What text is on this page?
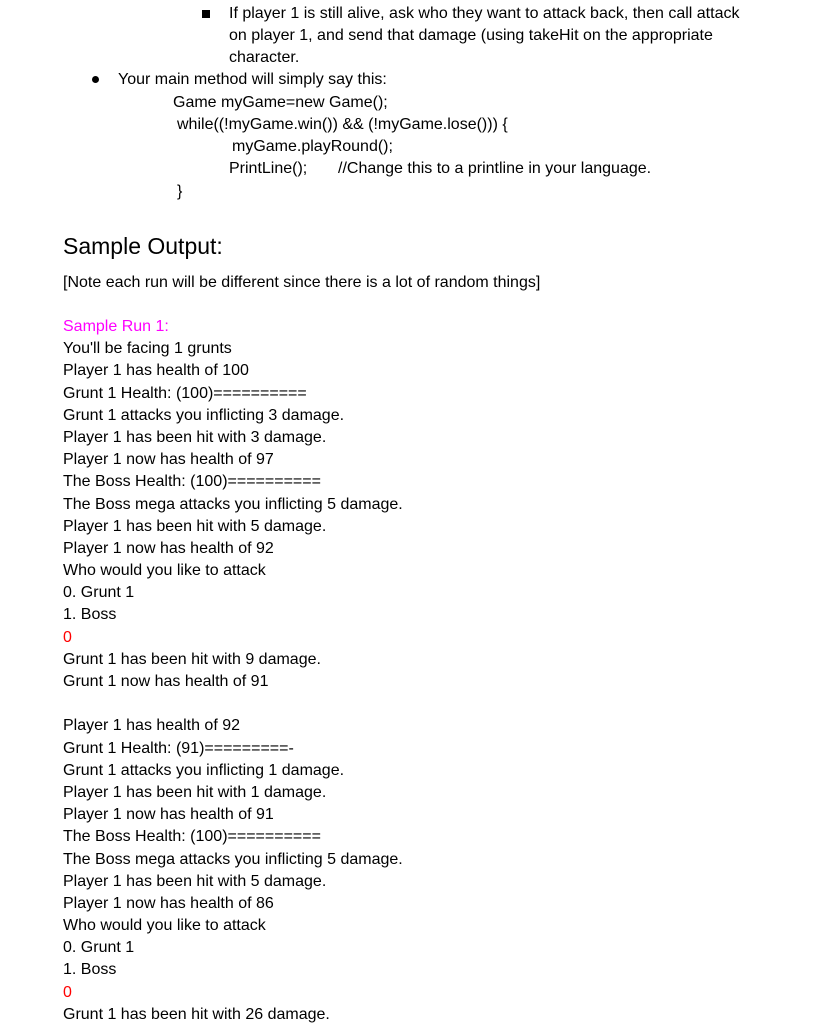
If player 1 is still alive, ask who they want to attack back, then call attack
on player 1, and send that damage (using takeHit on the appropriate
character.
Your main method will simply say this:
Game myGame=new Game();
while((!myGame.win()) && (!myGame.lose())) {
myGame.playRound();
PrintLine(); //Change this to a printline in your language.
}
Sample Output:
[Note each run will be different since there is a lot of random things]
Sample Run 1:
You'll be facing 1 grunts
Player 1 has health of 100
Grunt 1 Health: (100)==========
Grunt 1 attacks you inflicting 3 damage.
Player 1 has been hit with 3 damage.
Player 1 now has health of 97
The Boss Health: (100)==========
The Boss mega attacks you inflicting 5 damage.
Player 1 has been hit with 5 damage.
Player 1 now has health of 92
Who would you like to attack
0. Grunt 1
1. Boss
0
Grunt 1 has been hit with 9 damage.
Grunt 1 now has health of 91
Player 1 has health of 92
Grunt 1 Health: (91)=========-
Grunt 1 attacks you inflicting 1 damage.
Player 1 has been hit with 1 damage.
Player 1 now has health of 91
The Boss Health: (100)==========
The Boss mega attacks you inflicting 5 damage.
Player 1 has been hit with 5 damage.
Player 1 now has health of 86
Who would you like to attack
0. Grunt 1
1. Boss
0
Grunt 1 has been hit with 26 damage.
